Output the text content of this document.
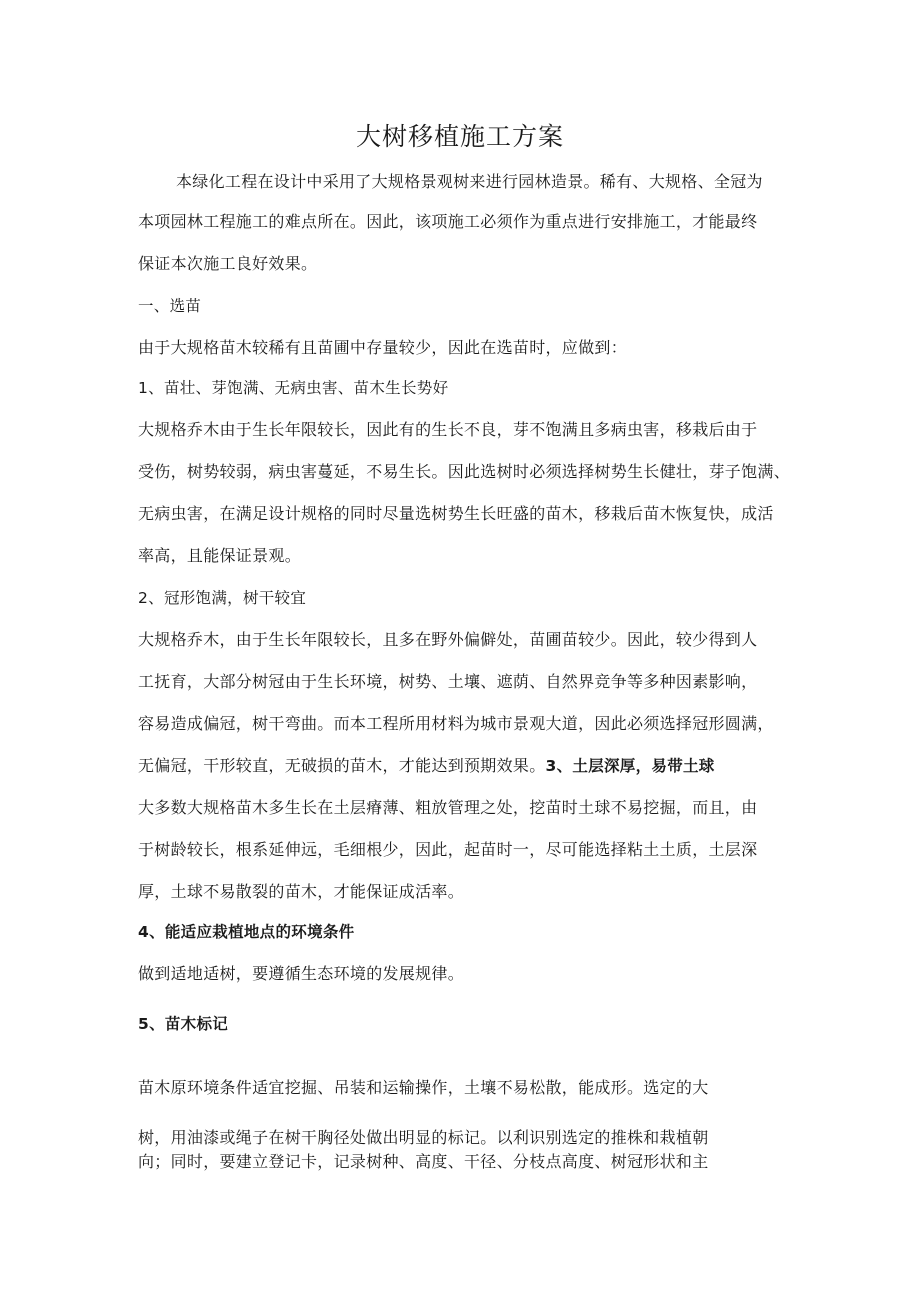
大树移植施工方案
本绿化工程在设计中采用了大规格景观树来进行园林造景。稀有、大规格、全冠为
本项园林工程施工的难点所在。因此，该项施工必须作为重点进行安排施工，才能最终
保证本次施工良好效果。
一、选苗
由于大规格苗木较稀有且苗圃中存量较少，因此在选苗时，应做到：
1、苗壮、芽饱满、无病虫害、苗木生长势好
大规格乔木由于生长年限较长，因此有的生长不良，芽不饱满且多病虫害，移栽后由于
受伤，树势较弱，病虫害蔓延，不易生长。因此选树时必须选择树势生长健壮，芽子饱满、
无病虫害，在满足设计规格的同时尽量选树势生长旺盛的苗木，移栽后苗木恢复快，成活
率高，且能保证景观。
2、冠形饱满，树干较宜
大规格乔木，由于生长年限较长，且多在野外偏僻处，苗圃苗较少。因此，较少得到人
工抚育，大部分树冠由于生长环境，树势、土壤、遮荫、自然界竞争等多种因素影响，
容易造成偏冠，树干弯曲。而本工程所用材料为城市景观大道，因此必须选择冠形圆满，
无偏冠，干形较直，无破损的苗木，才能达到预期效果。3、土层深厚，易带土球
大多数大规格苗木多生长在土层瘠薄、粗放管理之处，挖苗时土球不易挖掘，而且，由
于树龄较长，根系延伸远，毛细根少，因此，起苗时一，尽可能选择粘土土质，土层深
厚，土球不易散裂的苗木，才能保证成活率。
4、能适应栽植地点的环境条件
做到适地适树，要遵循生态环境的发展规律。
5、苗木标记
苗木原环境条件适宜挖掘、吊装和运输操作，土壤不易松散，能成形。选定的大
树，用油漆或绳子在树干胸径处做出明显的标记。以利识别选定的推株和栽植朝
向；同时，要建立登记卡，记录树种、高度、干径、分枝点高度、树冠形状和主
